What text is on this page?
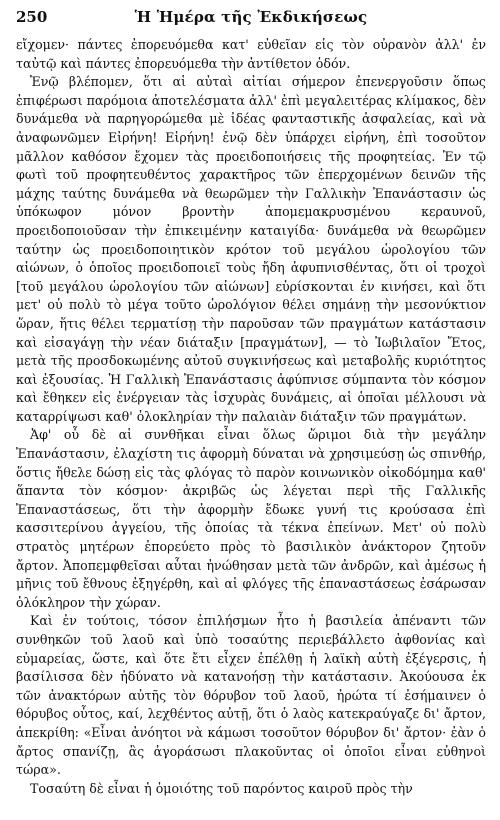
250	Ἡ Ἡμέρα τῆς Ἐκδικήσεως

εἴχομεν· πάντες ἐπορευόμεθα κατ' εὐθεῖαν εἰς τὸν οὐρανὸν ἀλλ' ἐν ταὐτῷ καὶ πάντες ἐπορευόμεθα τὴν ἀντίθετον ὁδόν.

Ἐνῷ βλέπομεν, ὅτι αἱ αὐταὶ αἰτίαι σήμερον ἐπενεργοῦσιν ὅπως ἐπιφέρωσι παρόμοια ἀποτελέσματα ἀλλ' ἐπὶ μεγαλειτέρας κλίμακος, δὲν δυνάμεθα νὰ παρηγορώμεθα μὲ ἰδέας φανταστικῆς ἀσφαλείας, καὶ νὰ ἀναφωνῶμεν Εἰρήνη! Εἰρήνη! ἐνῷ δὲν ὑπάρχει εἰρήνη, ἐπὶ τοσοῦτον μᾶλλον καθόσον ἔχομεν τὰς προειδοποιήσεις τῆς προφητείας. Ἐν τῷ φωτὶ τοῦ προφητευθέντος χαρακτῆρος τῶν ἐπερχομένων δεινῶν τῆς μάχης ταύτης δυνάμεθα νὰ θεωρῶμεν τὴν Γαλλικὴν Ἐπανάστασιν ὡς ὑπόκωφον μόνον βροντὴν ἀπομεμακρυσμένου κεραυνοῦ, προειδοποιοῦσαν τὴν ἐπικειμένην καταιγίδα· δυνάμεθα νὰ θεωρῶμεν ταύτην ὡς προειδοποιητικὸν κρότον τοῦ μεγάλου ὡρολογίου τῶν αἰώνων, ὁ ὁποῖος προειδοποιεῖ τοὺς ἤδη ἀφυπνισθέντας, ὅτι οἱ τροχοὶ [τοῦ μεγάλου ὡρολογίου τῶν αἰώνων] εὑρίσκονται ἐν κινήσει, καὶ ὅτι μετ' οὐ πολὺ τὸ μέγα τοῦτο ὡρολόγιον θέλει σημάνῃ τὴν μεσονύκτιον ὥραν, ἥτις θέλει τερματίσῃ τὴν παροῦσαν τῶν πραγμάτων κατάστασιν καὶ εἰσαγάγῃ τὴν νέαν διάταξιν [πραγμάτων], — τὸ Ἰωβιλαῖον Ἔτος, μετὰ τῆς προσδοκωμένης αὐτοῦ συγκινήσεως καὶ μεταβολῆς κυριότητος καὶ ἐξουσίας. Ἡ Γαλλικὴ Ἐπανάστασις ἀφύπνισε σύμπαντα τὸν κόσμον καὶ ἔθηκεν εἰς ἐνέργειαν τὰς ἰσχυρὰς δυνάμεις, αἱ ὁποῖαι μέλλουσι νὰ καταρρίψωσι καθ' ὁλοκληρίαν τὴν παλαιὰν διάταξιν τῶν πραγμάτων.

Ἀφ' οὗ δὲ αἱ συνθῆκαι εἶναι ὅλως ὥριμοι διὰ τὴν μεγάλην Ἐπανάστασιν, ἐλαχίστη τις ἀφορμὴ δύναται νὰ χρησιμεύσῃ ὡς σπινθήρ, ὅστις ἤθελε δώσῃ εἰς τὰς φλόγας τὸ παρὸν κοινωνικὸν οἰκοδόμημα καθ' ἅπαντα τὸν κόσμον· ἀκριβῶς ὡς λέγεται περὶ τῆς Γαλλικῆς Ἐπαναστάσεως, ὅτι τὴν ἀφορμὴν ἔδωκε γυνή τις κρούσασα ἐπὶ κασσιτερίνου ἀγγείου, τῆς ὁποίας τὰ τέκνα ἐπείνων. Μετ' οὐ πολὺ στρατὸς μητέρων ἐπορεύετο πρὸς τὸ βασιλικὸν ἀνάκτορον ζητοῦν ἄρτον. Ἀποπεμφθεῖσαι αὗται ἠνώθησαν μετὰ τῶν ἀνδρῶν, καὶ ἀμέσως ἡ μῆνις τοῦ ἔθνους ἐξηγέρθη, καὶ αἱ φλόγες τῆς ἐπαναστάσεως ἐσάρωσαν ὁλόκληρον τὴν χώραν.

Καὶ ἐν τούτοις, τόσον ἐπιλήσμων ἦτο ἡ βασιλεία ἀπέναντι τῶν συνθηκῶν τοῦ λαοῦ καὶ ὑπὸ τοσαύτης περιεβάλλετο ἀφθονίας καὶ εὐμαρείας, ὥστε, καὶ ὅτε ἔτι εἶχεν ἐπέλθῃ ἡ λαϊκὴ αὐτὴ ἐξέγερσις, ἡ βασίλισσα δὲν ἠδύνατο νὰ κατανοήσῃ τὴν κατάστασιν. Ἀκούουσα ἐκ τῶν ἀνακτόρων αὐτῆς τὸν θόρυβον τοῦ λαοῦ, ἠρώτα τί ἐσήμαινεν ὁ θόρυβος οὗτος, καί, λεχθέντος αὐτῇ, ὅτι ὁ λαὸς κατεκραύγαζε δι' ἄρτον, ἀπεκρίθη: «Εἶναι ἀνόητοι νὰ κάμωσι τοσοῦτον θόρυβον δι' ἄρτον· ἐὰν ὁ ἄρτος σπανίζῃ, ἂς ἀγοράσωσι πλακοῦντας οἱ ὁποῖοι εἶναι εὐθηνοὶ τώρα».

Τοσαύτη δὲ εἶναι ἡ ὁμοιότης τοῦ παρόντος καιροῦ πρὸς τὴν
